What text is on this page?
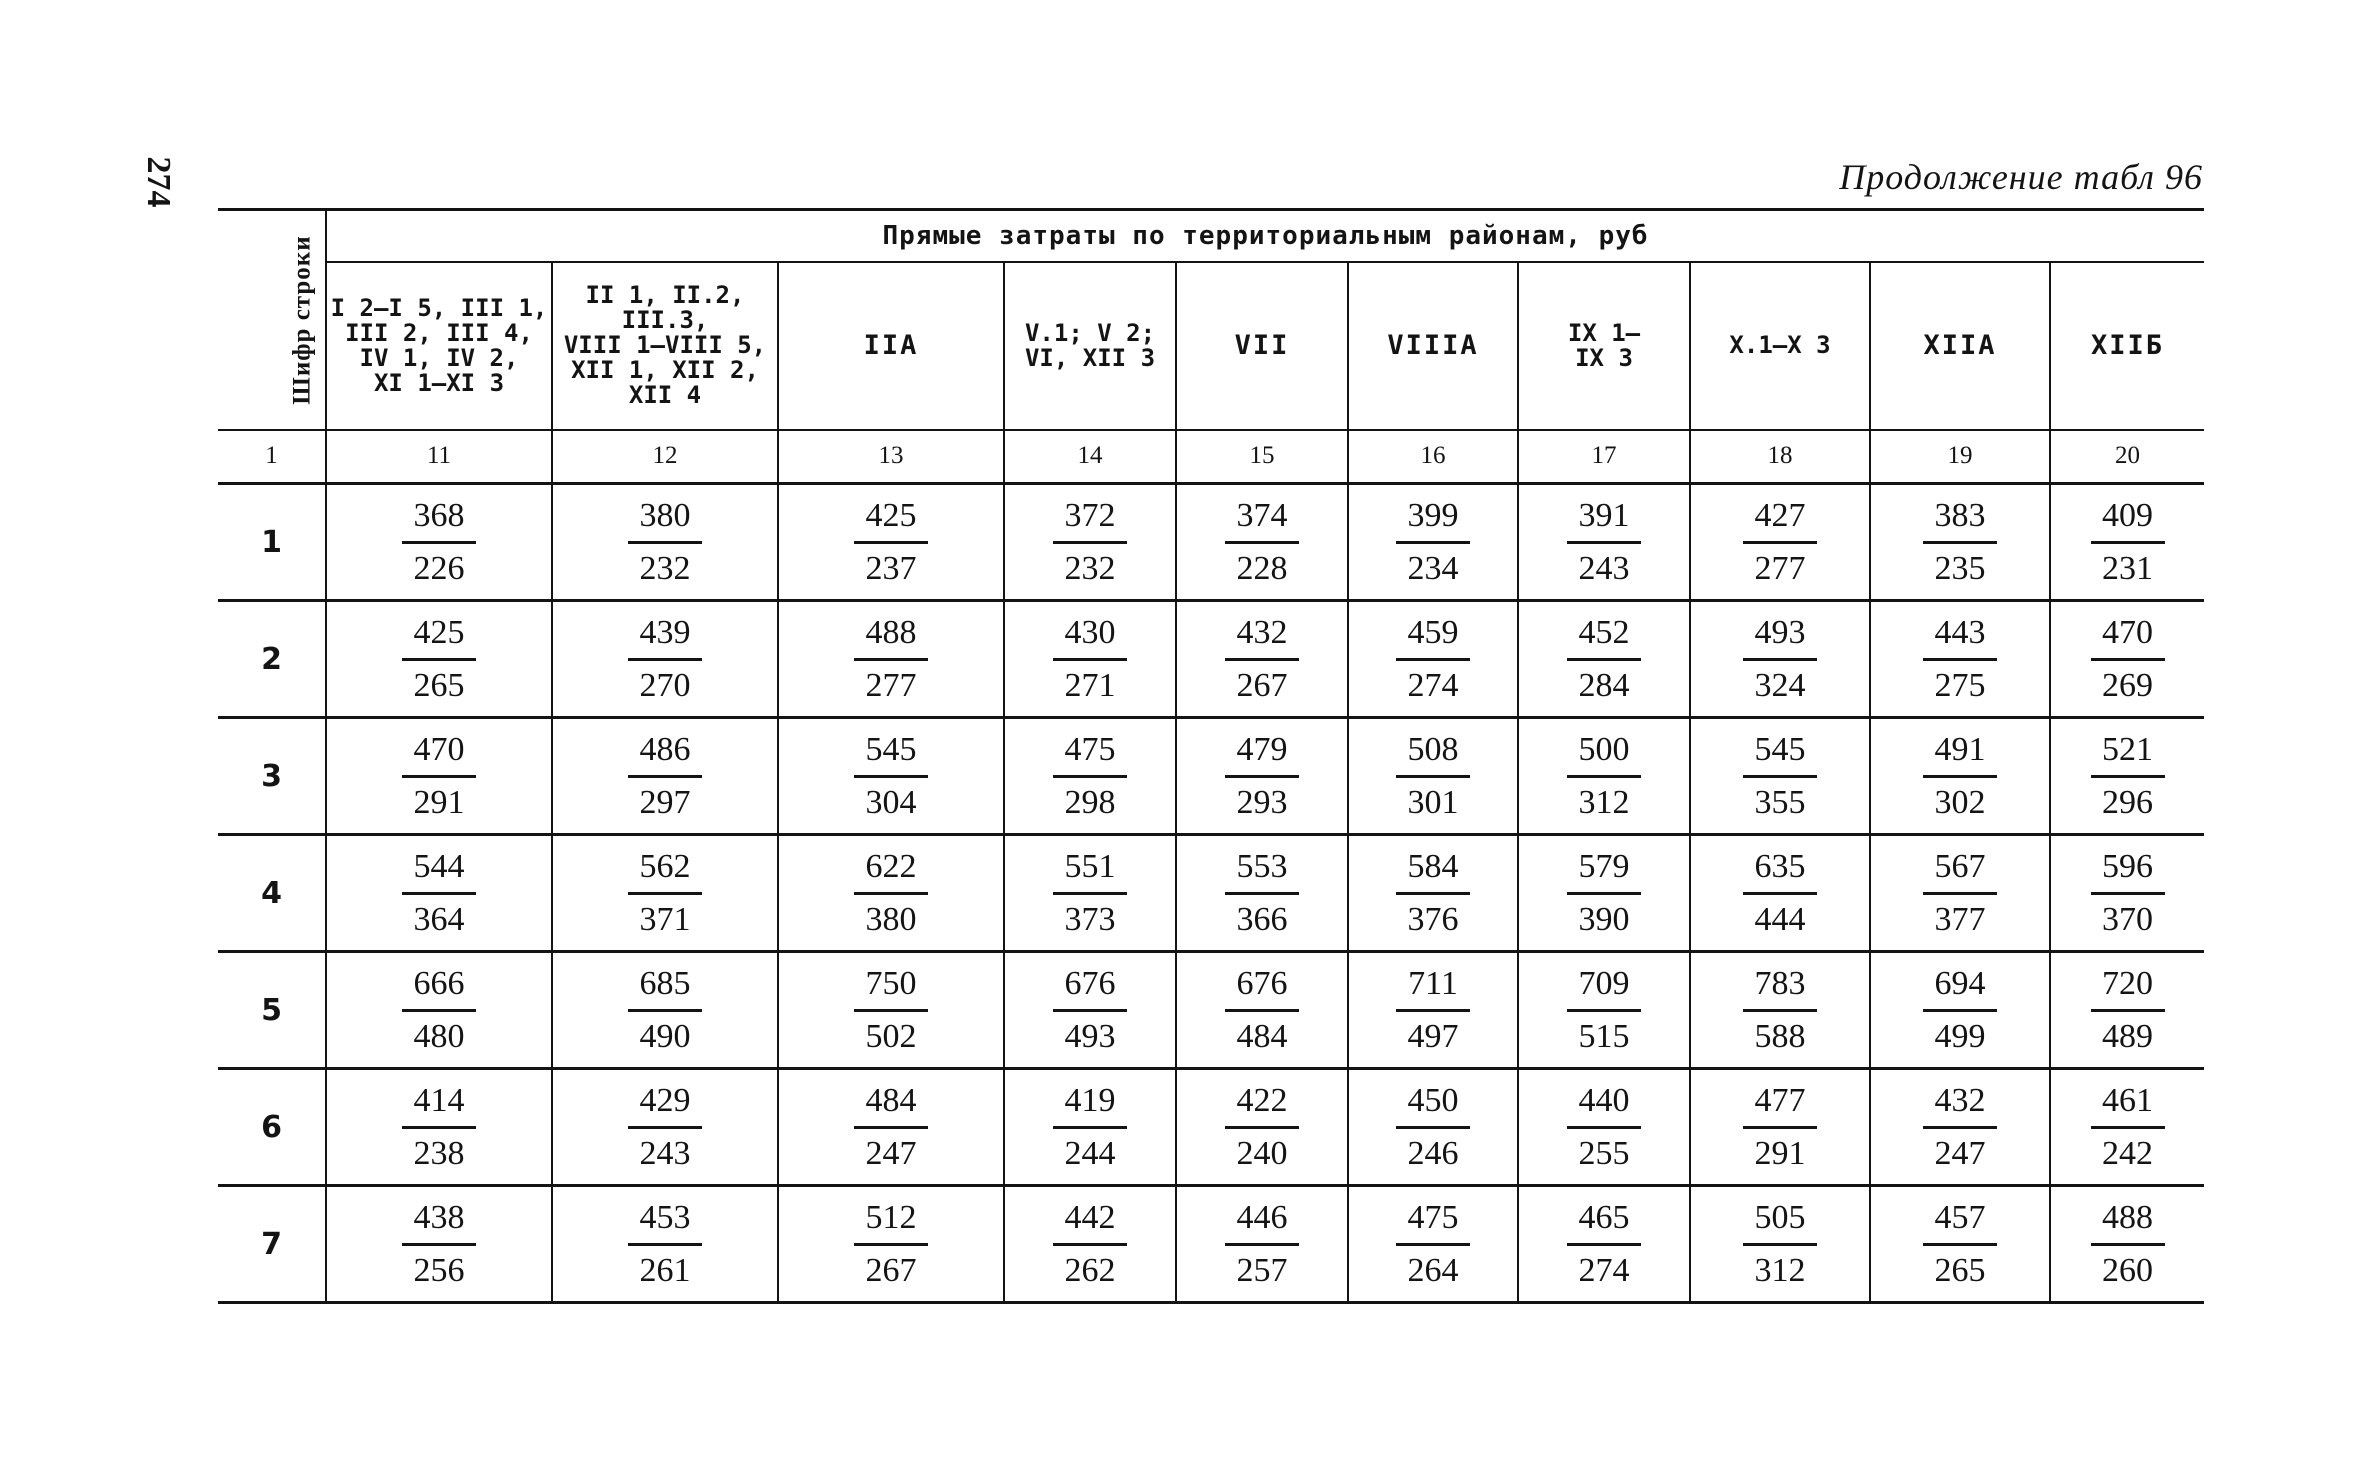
274	Продолжение табл 96
Шифр строки	Прямые затраты по территориальным районам, руб									
	I 2—I 5, III 1,
III 2, III 4,
IV 1, IV 2,
XI 1—XI 3	II 1, II.2, III.3,
VIII 1—VIII 5,
XII 1, XII 2,
XII 4	IIA	V.1; V 2;
VI, XII 3	VII	VIIIA	IX 1—
IX 3	X.1—X 3	XIIA	XIIБ
1	11	12	13	14	15	16	17	18	19	20
1	$\frac{368}{226}$	$\frac{380}{232}$	$\frac{425}{237}$	$\frac{372}{232}$	$\frac{374}{228}$	$\frac{399}{234}$	$\frac{391}{243}$	$\frac{427}{277}$	$\frac{383}{235}$	$\frac{409}{231}$

2	$\frac{425}{265}$	$\frac{439}{270}$	$\frac{488}{277}$	$\frac{430}{271}$	$\frac{432}{267}$	$\frac{459}{274}$	$\frac{452}{284}$	$\frac{493}{324}$	$\frac{443}{275}$	$\frac{470}{269}$

3	$\frac{470}{291}$	$\frac{486}{297}$	$\frac{545}{304}$	$\frac{475}{298}$	$\frac{479}{293}$	$\frac{508}{301}$	$\frac{500}{312}$	$\frac{545}{355}$	$\frac{491}{302}$	$\frac{521}{296}$

4	$\frac{544}{364}$	$\frac{562}{371}$	$\frac{622}{380}$	$\frac{551}{373}$	$\frac{553}{366}$	$\frac{584}{376}$	$\frac{579}{390}$	$\frac{635}{444}$	$\frac{567}{377}$	$\frac{596}{370}$

5	$\frac{666}{480}$	$\frac{685}{490}$	$\frac{750}{502}$	$\frac{676}{493}$	$\frac{676}{484}$	$\frac{711}{497}$	$\frac{709}{515}$	$\frac{783}{588}$	$\frac{694}{499}$	$\frac{720}{489}$

6	$\frac{414}{238}$	$\frac{429}{243}$	$\frac{484}{247}$	$\frac{419}{244}$	$\frac{422}{240}$	$\frac{450}{246}$	$\frac{440}{255}$	$\frac{477}{291}$	$\frac{432}{247}$	$\frac{461}{242}$

7	$\frac{438}{256}$	$\frac{453}{261}$	$\frac{512}{267}$	$\frac{442}{262}$	$\frac{446}{257}$	$\frac{475}{264}$	$\frac{465}{274}$	$\frac{505}{312}$	$\frac{457}{265}$	$\frac{488}{260}$
